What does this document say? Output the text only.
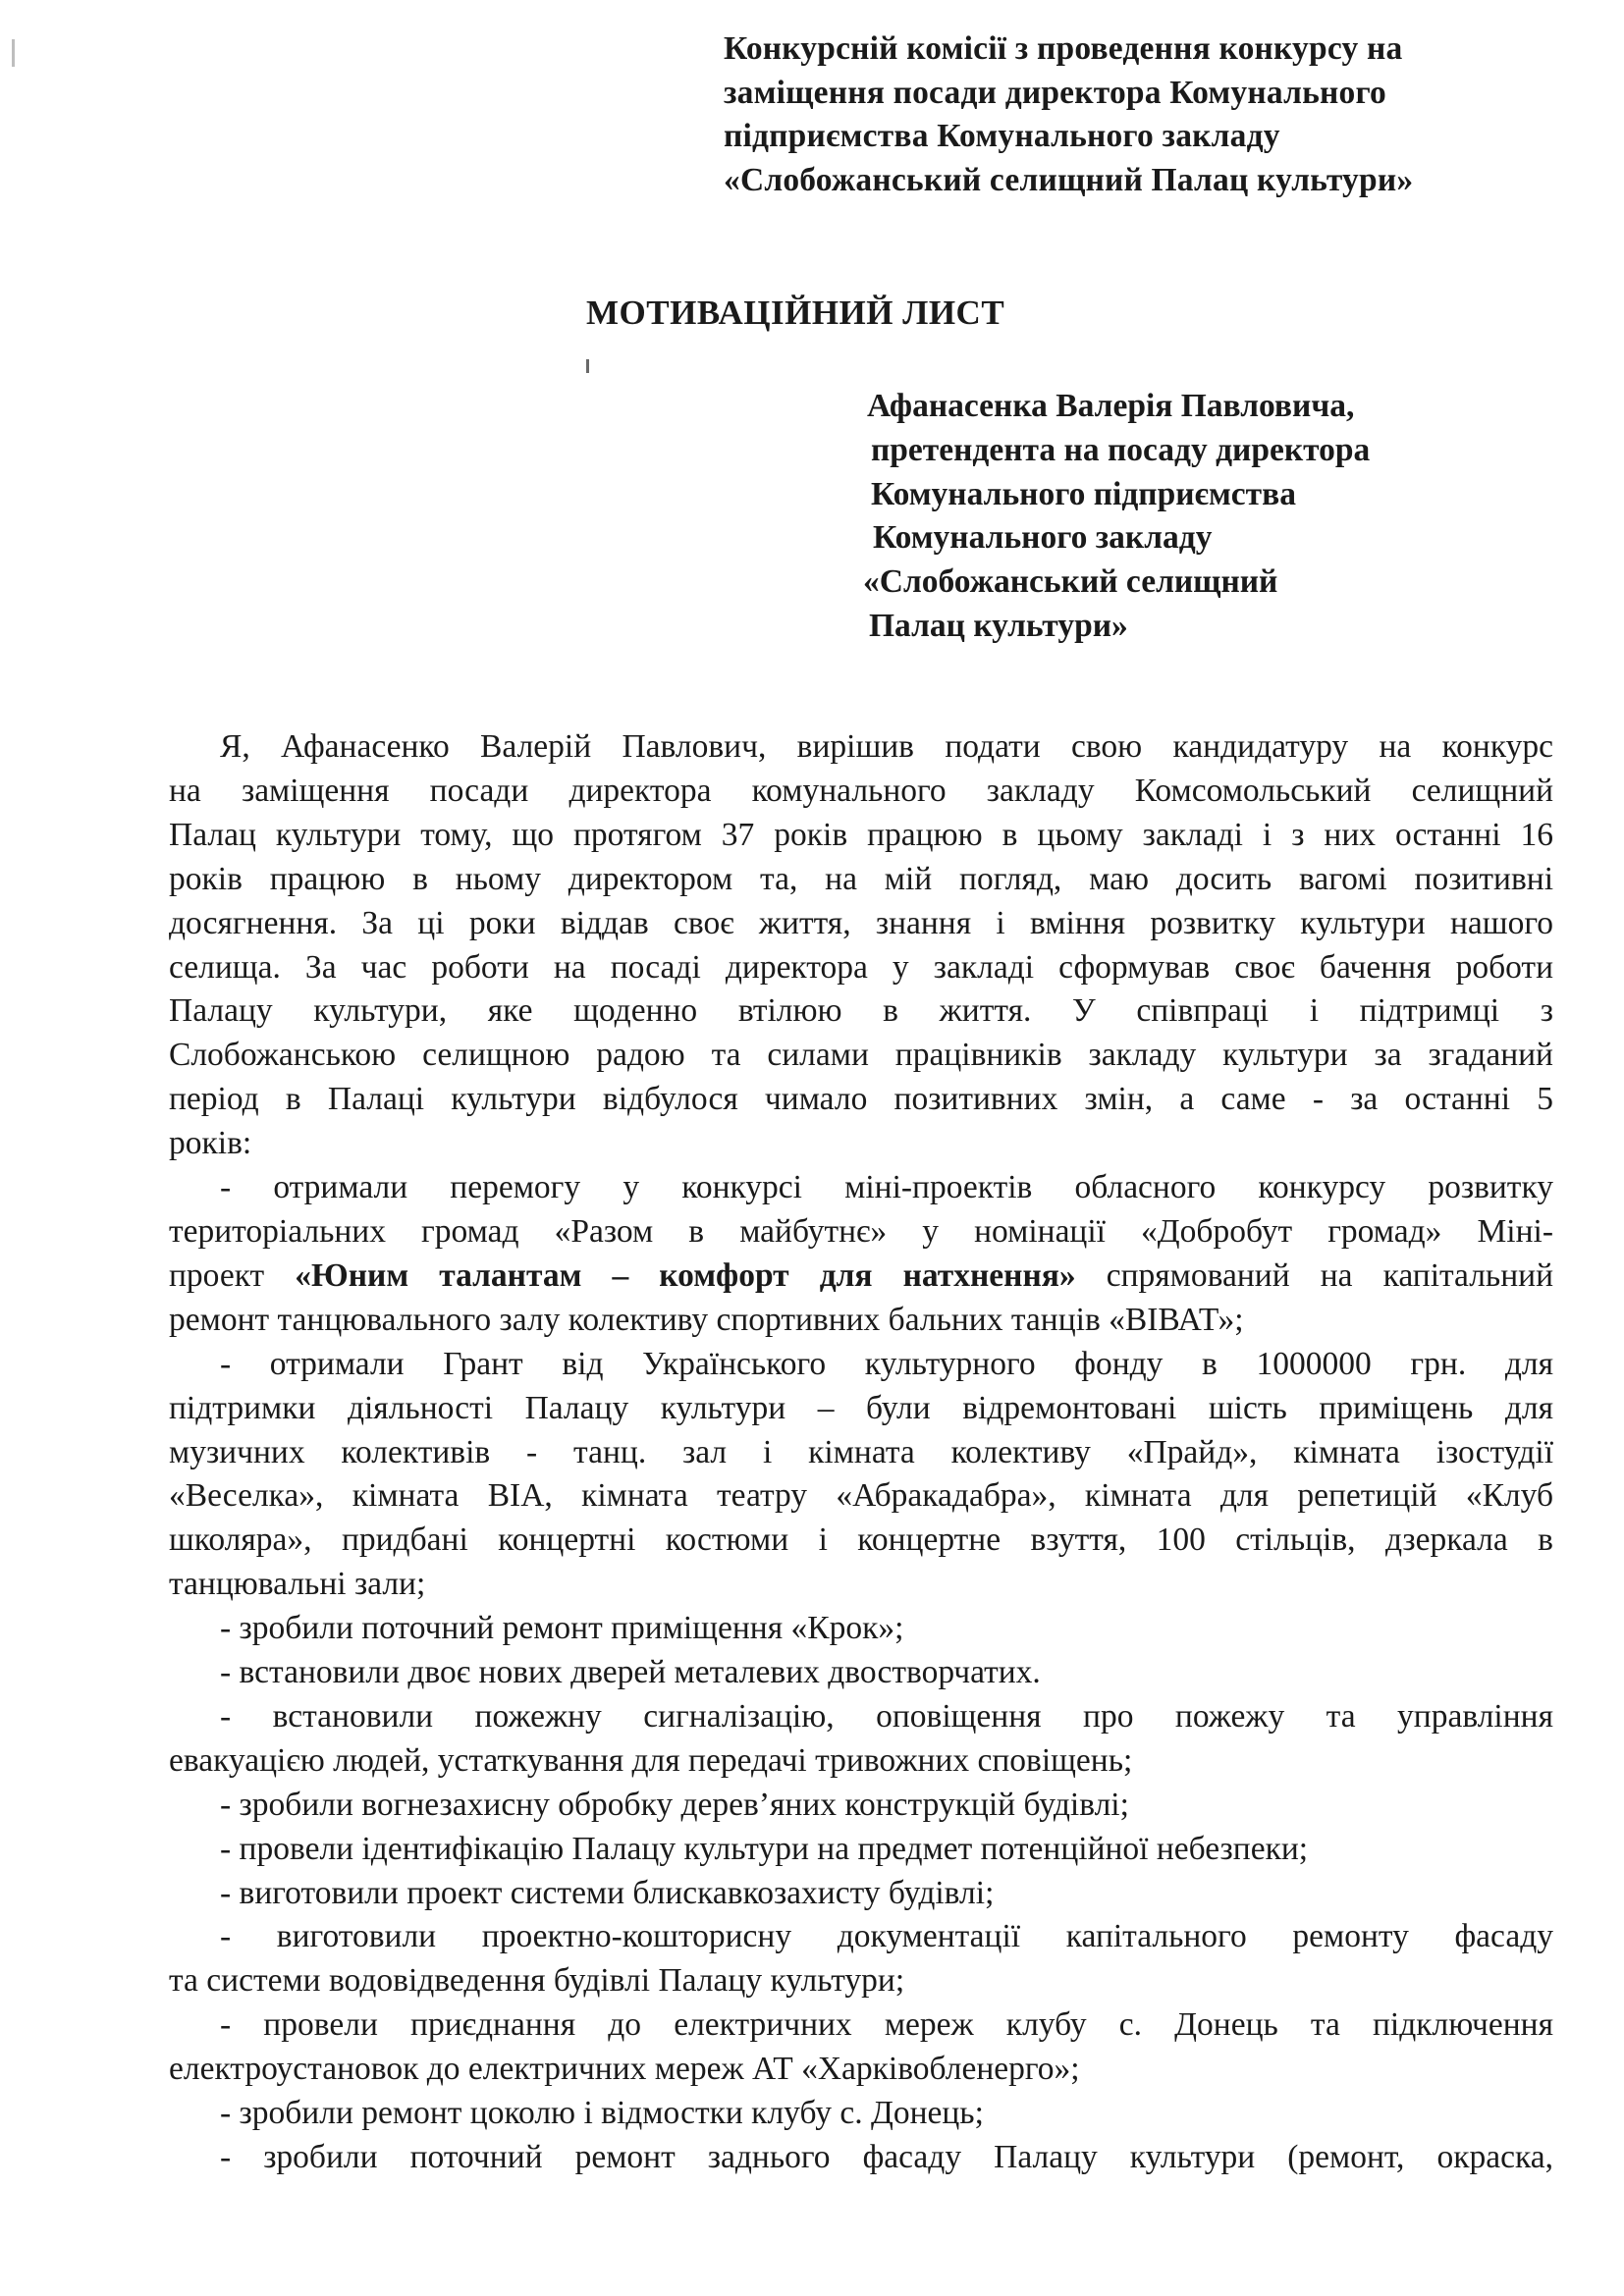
Конкурсній комісії з проведення конкурсу на
заміщення посади директора Комунального
підприємства Комунального закладу
«Слобожанський селищний Палац культури»
МОТИВАЦІЙНИЙ ЛИСТ
Афанасенка Валерія Павловича,
претендента на посаду директора
Комунального підприємства
Комунального закладу
«Слобожанський селищний
Палац культури»
Я, Афанасенко Валерій Павлович, вирішив подати свою кандидатуру на конкурс
на заміщення посади директора комунального закладу Комсомольський селищний
Палац культури тому, що протягом 37 років працюю в цьому закладі і з них останні 16
років працюю в ньому директором та, на мій погляд, маю досить вагомі позитивні
досягнення. За ці роки віддав своє життя, знання і вміння розвитку культури нашого
селища. За час роботи на посаді директора у закладі сформував своє бачення роботи
Палацу культури, яке щоденно втілюю в життя. У співпраці і підтримці з
Слобожанською селищною радою та силами працівників закладу культури за згаданий
період в Палаці культури відбулося чимало позитивних змін, а саме - за останні 5
років:
- отримали перемогу у конкурсі міні-проектів обласного конкурсу розвитку
територіальних громад «Разом в майбутнє» у номінації «Добробут громад» Міні-
проект «Юним талантам – комфорт для натхнення» спрямований на капітальний
ремонт танцювального залу колективу спортивних бальних танців «ВІВАТ»;
- отримали Грант від Українського культурного фонду в 1000000 грн. для
підтримки діяльності Палацу культури – були відремонтовані шість приміщень для
музичних колективів - танц. зал і кімната колективу «Прайд», кімната ізостудії
«Веселка», кімната ВІА, кімната театру «Абракадабра», кімната для репетицій «Клуб
школяра», придбані концертні костюми і концертне взуття, 100 стільців, дзеркала в
танцювальні зали;
- зробили поточний ремонт приміщення «Крок»;
- встановили двоє нових дверей металевих двостворчатих.
- встановили пожежну сигналізацію, оповіщення про пожежу та управління
евакуацією людей, устаткування для передачі тривожних сповіщень;
- зробили вогнезахисну обробку дерев’яних конструкцій будівлі;
- провели ідентифікацію Палацу культури на предмет потенційної небезпеки;
- виготовили проект системи блискавкозахисту будівлі;
- виготовили проектно-кошторисну документації капітального ремонту фасаду
та системи водовідведення будівлі Палацу культури;
- провели приєднання до електричних мереж клубу с. Донець та підключення
електроустановок до електричних мереж АТ «Харківобленерго»;
- зробили ремонт цоколю і відмостки клубу с. Донець;
- зробили поточний ремонт заднього фасаду Палацу культури (ремонт, окраска,
